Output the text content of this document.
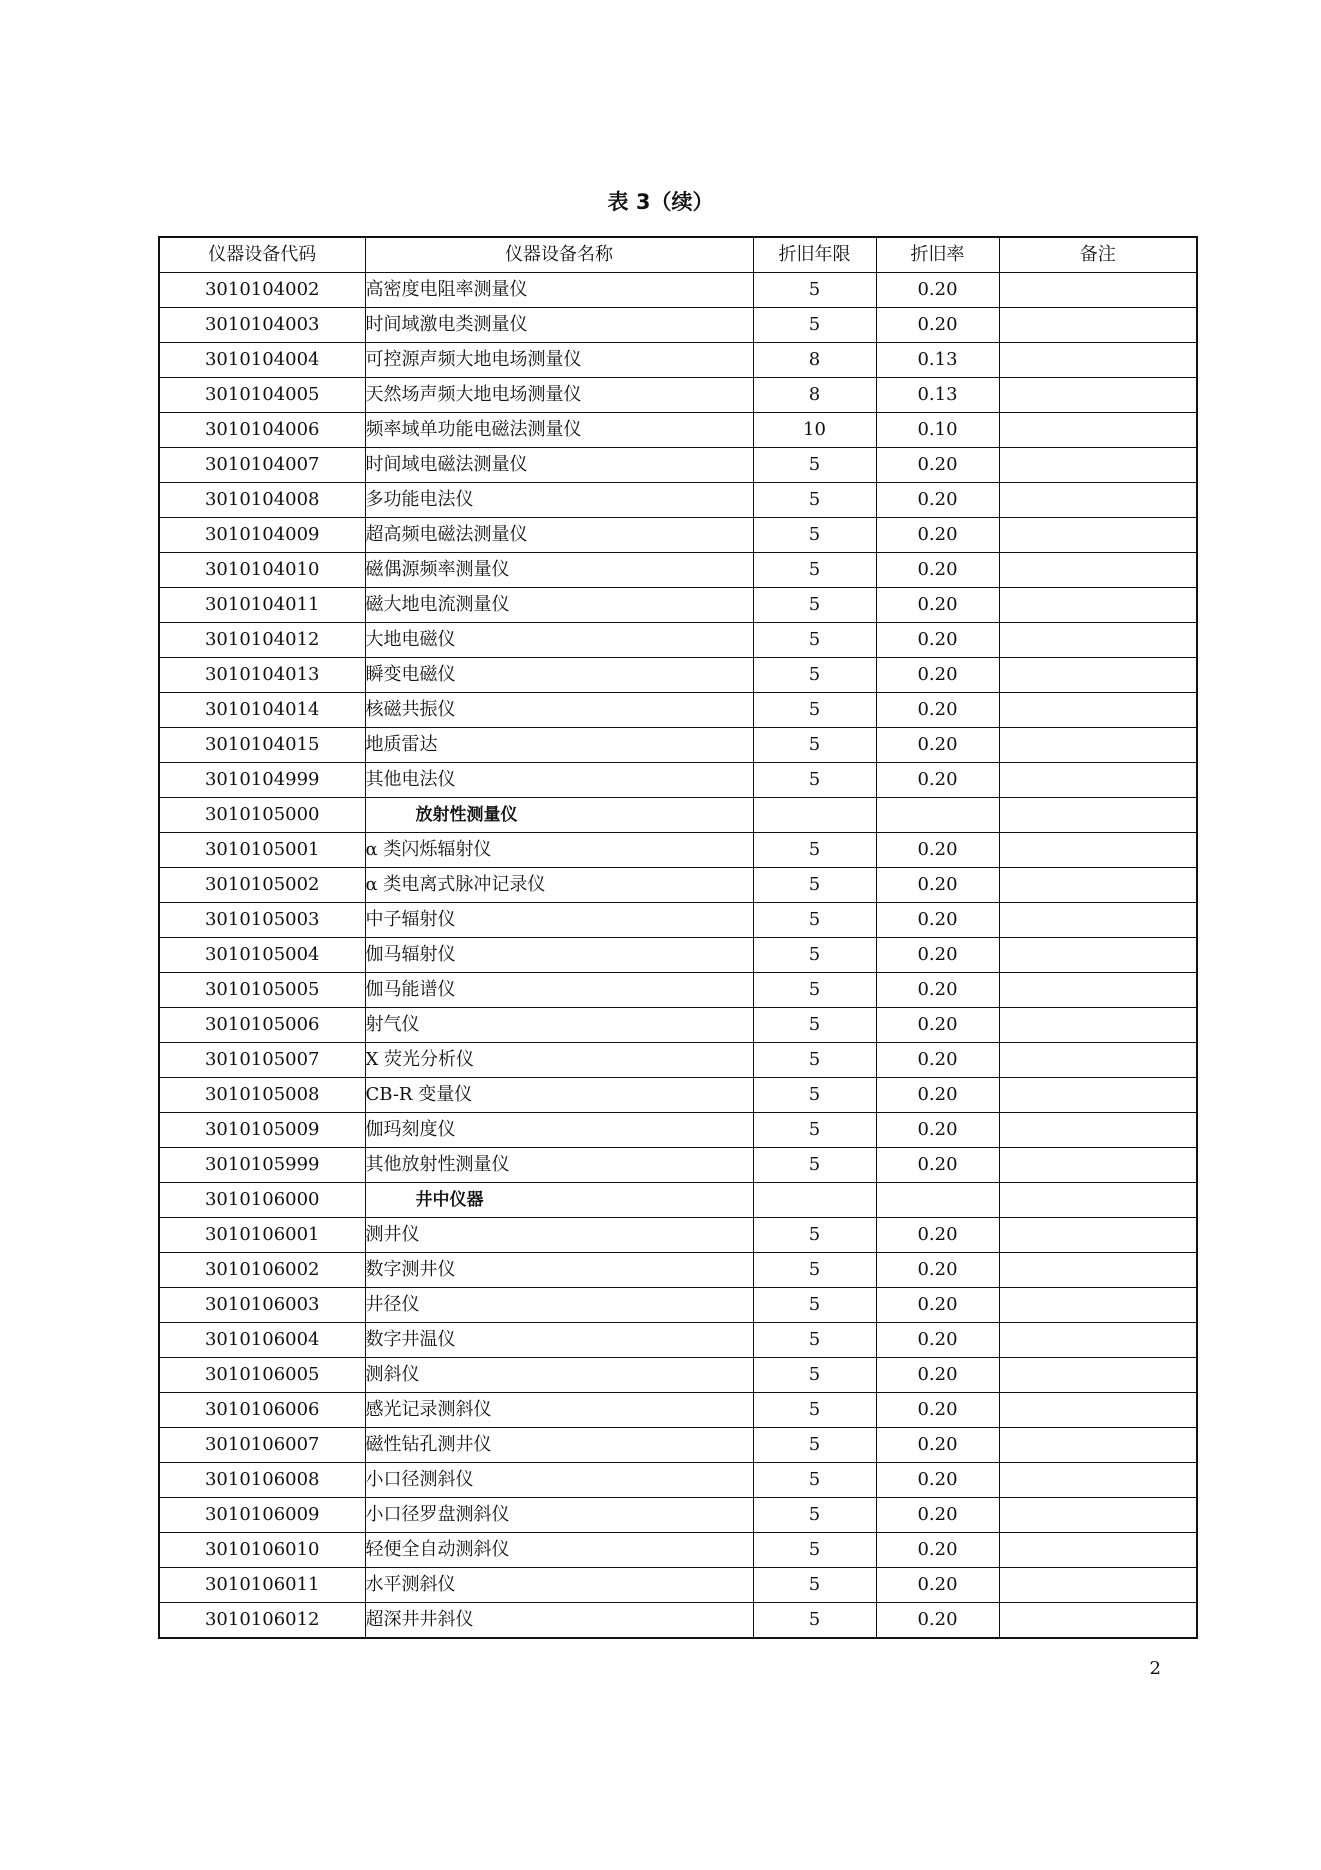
表 3（续）
仪器设备代码	仪器设备名称	折旧年限	折旧率	备注
3010104002	高密度电阻率测量仪	5	0.20	
3010104003	时间域激电类测量仪	5	0.20	
3010104004	可控源声频大地电场测量仪	8	0.13	
3010104005	天然场声频大地电场测量仪	8	0.13	
3010104006	频率域单功能电磁法测量仪	10	0.10	
3010104007	时间域电磁法测量仪	5	0.20	
3010104008	多功能电法仪	5	0.20	
3010104009	超高频电磁法测量仪	5	0.20	
3010104010	磁偶源频率测量仪	5	0.20	
3010104011	磁大地电流测量仪	5	0.20	
3010104012	大地电磁仪	5	0.20	
3010104013	瞬变电磁仪	5	0.20	
3010104014	核磁共振仪	5	0.20	
3010104015	地质雷达	5	0.20	
3010104999	其他电法仪	5	0.20	
3010105000	放射性测量仪			
3010105001	α 类闪烁辐射仪	5	0.20	
3010105002	α 类电离式脉冲记录仪	5	0.20	
3010105003	中子辐射仪	5	0.20	
3010105004	伽马辐射仪	5	0.20	
3010105005	伽马能谱仪	5	0.20	
3010105006	射气仪	5	0.20	
3010105007	X 荧光分析仪	5	0.20	
3010105008	CB-R 变量仪	5	0.20	
3010105009	伽玛刻度仪	5	0.20	
3010105999	其他放射性测量仪	5	0.20	
3010106000	井中仪器			
3010106001	测井仪	5	0.20	
3010106002	数字测井仪	5	0.20	
3010106003	井径仪	5	0.20	
3010106004	数字井温仪	5	0.20	
3010106005	测斜仪	5	0.20	
3010106006	感光记录测斜仪	5	0.20	
3010106007	磁性钻孔测井仪	5	0.20	
3010106008	小口径测斜仪	5	0.20	
3010106009	小口径罗盘测斜仪	5	0.20	
3010106010	轻便全自动测斜仪	5	0.20	
3010106011	水平测斜仪	5	0.20	
3010106012	超深井井斜仪	5	0.20	
2
